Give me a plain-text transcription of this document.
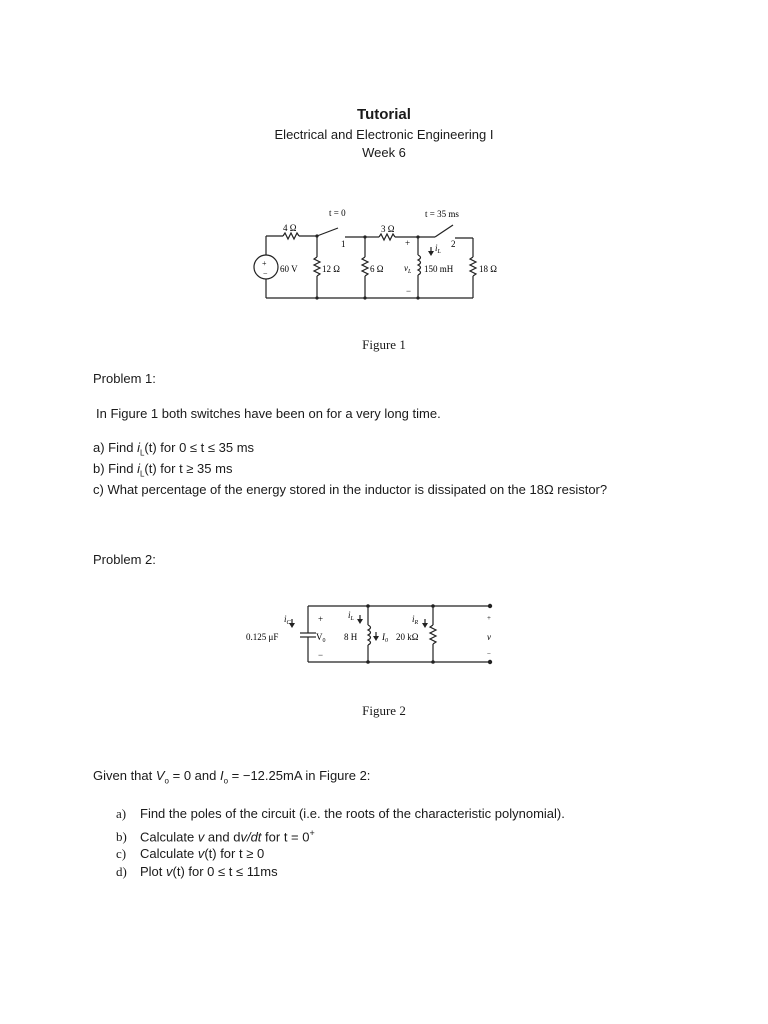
Tutorial
Electrical and Electronic Engineering I
Week 6
t = 0	t = 35 ms
4 Ω	3 Ω
60 V	12 Ω	6 Ω $v_L$ 150 mH	18 Ω
$i_L$
1	2
+
−
+
−
Figure 1
Problem 1:
In Figure 1 both switches have been on for a very long time.
a) Find $i_L(t)$ for 0 ≤ t ≤ 35 ms
b) Find $i_L(t)$ for t ≥ 35 ms
c) What percentage of the energy stored in the inductor is dissipated on the 18Ω resistor?
Problem 2:
$i_C$
$i_L$	$i_R$
0.125 μF	$V_0$ 8 H	$I_0$ 20 kΩ	v
+
−
+
−
Figure 2
Given that $V_o = 0$ and $I_o = -12.25mA$ in Figure 2:
a) Find the poles of the circuit (i.e. the roots of the characteristic polynomial).
b) Calculate v and dv/dt for t = 0+
c) Calculate v(t) for t ≥ 0
d) Plot v(t) for 0 ≤ t ≤ 11ms
